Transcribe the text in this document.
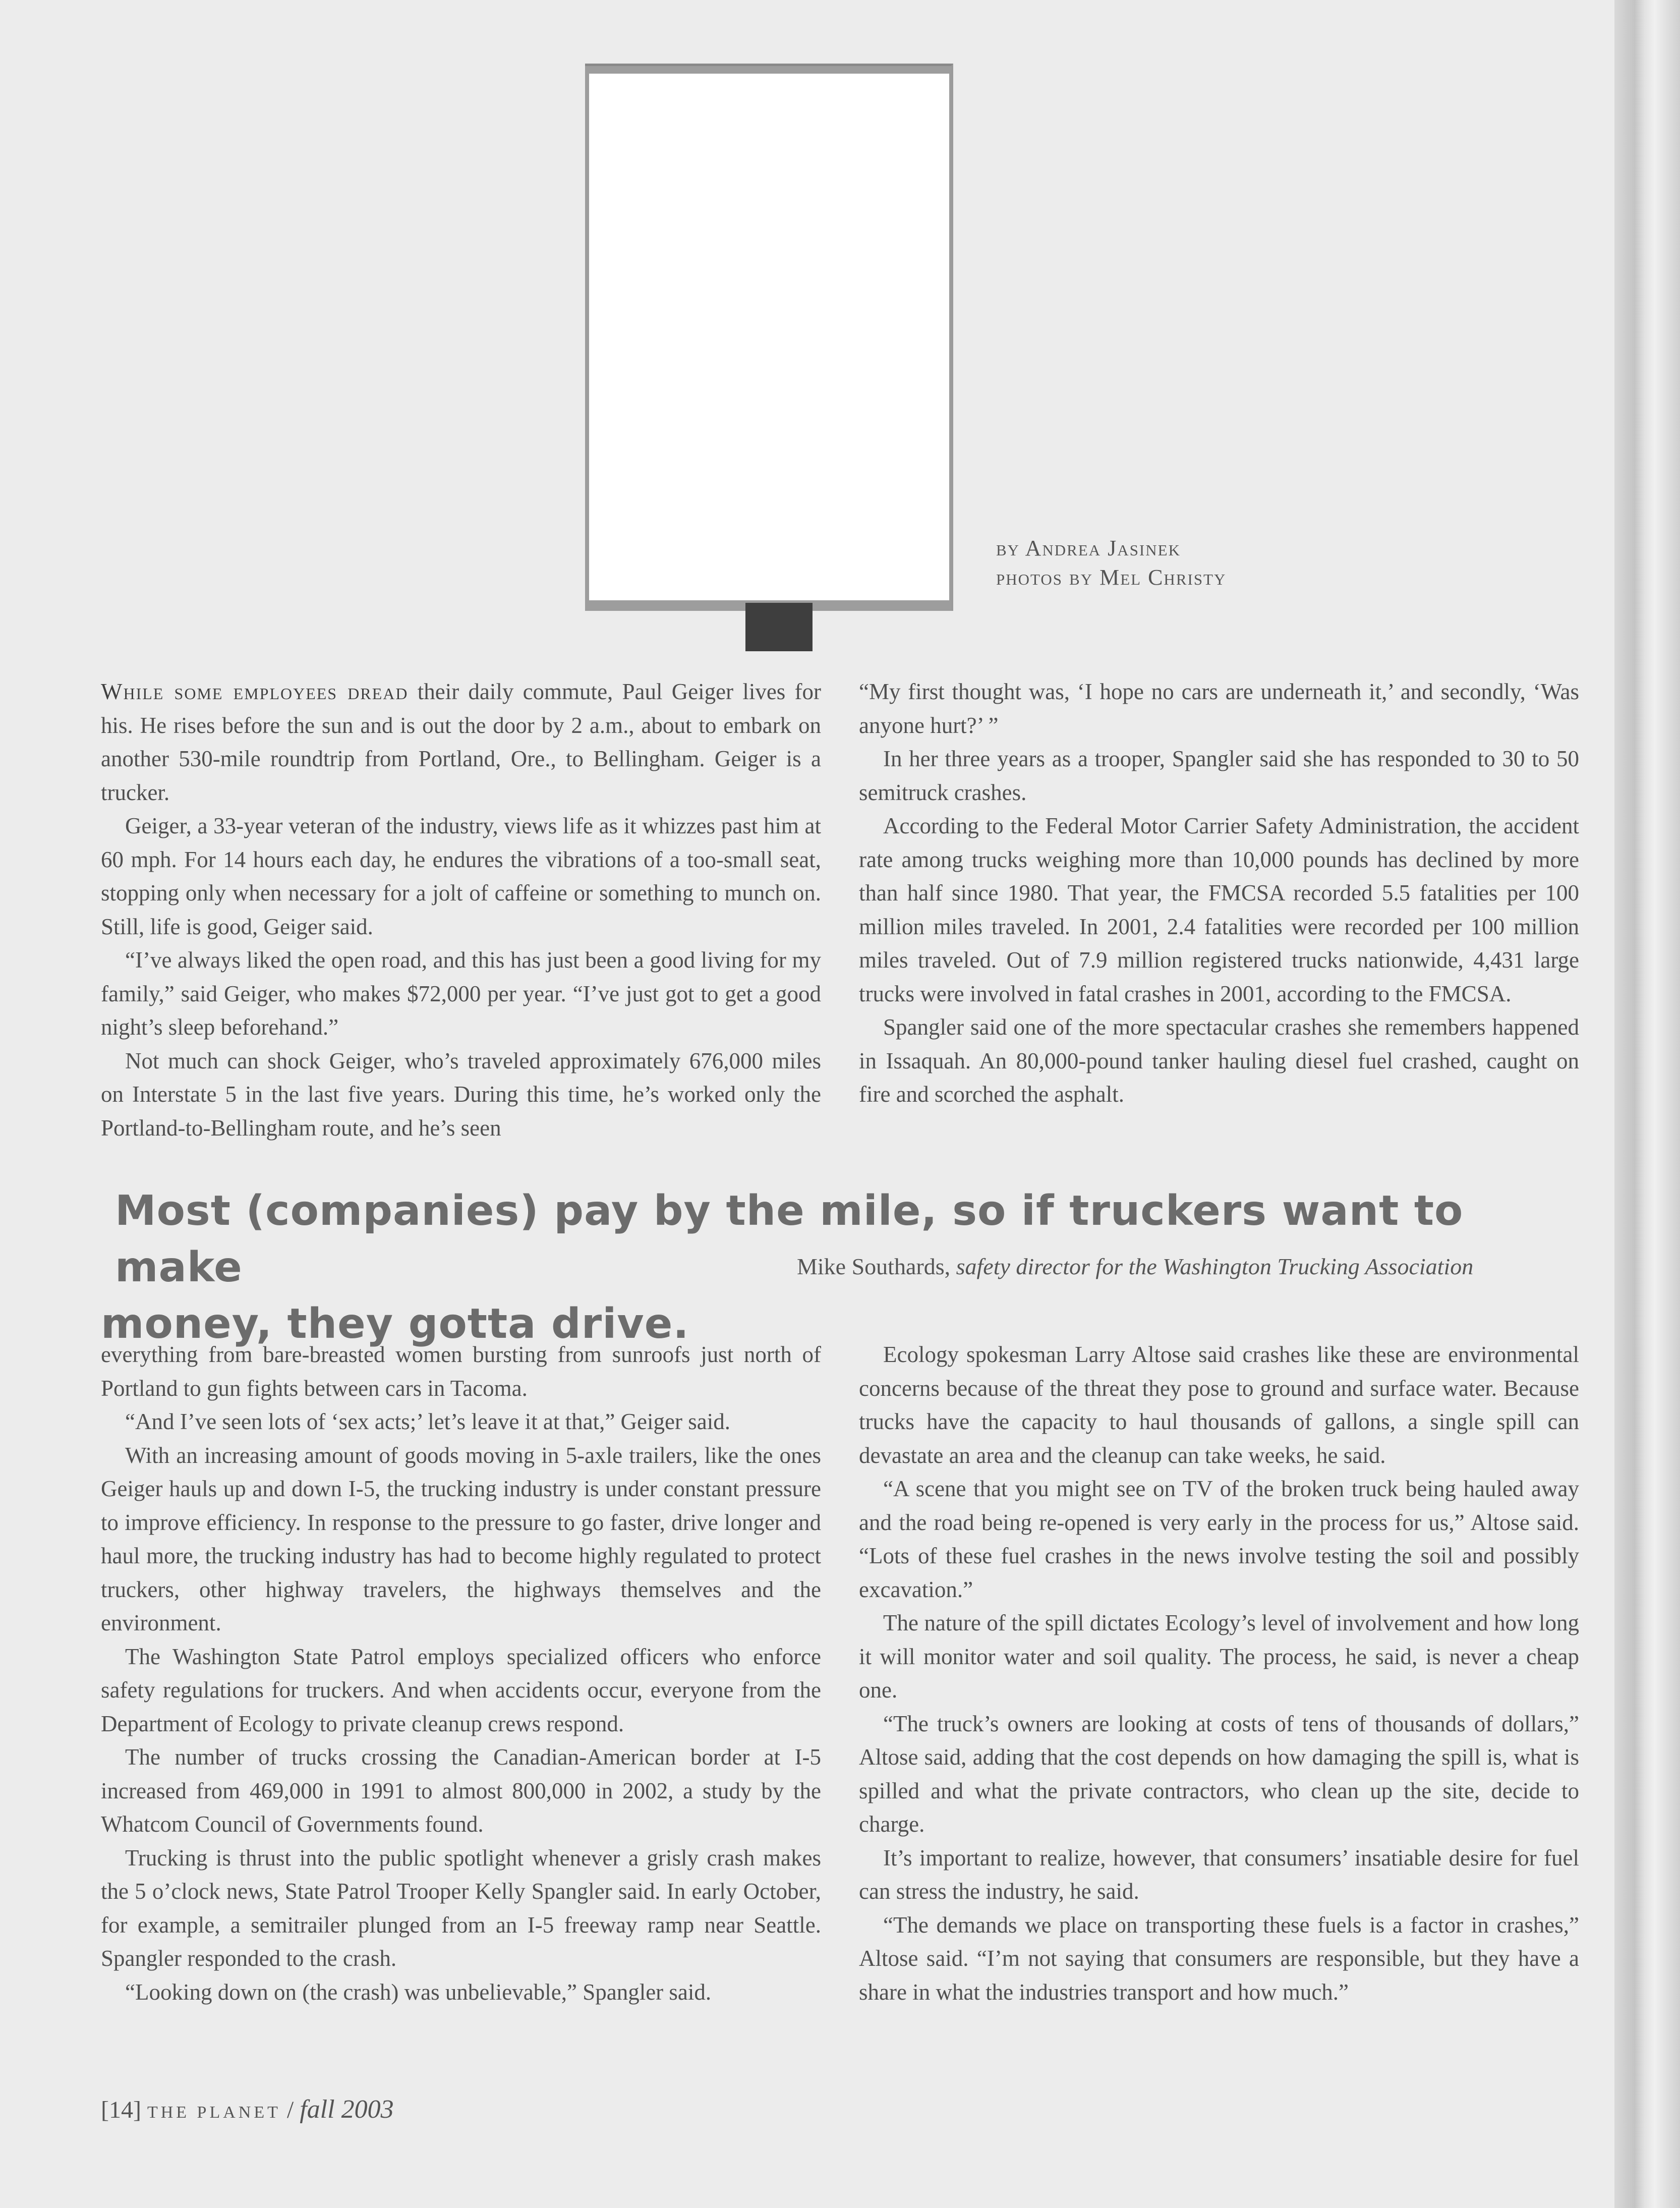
by Andrea Jasinek
photos by Mel Christy

While some employees dread their daily commute, Paul Geiger lives for his. He rises before the sun and is out the door by 2 a.m., about to embark on another 530-mile roundtrip from Portland, Ore., to Bellingham. Geiger is a trucker.

Geiger, a 33-year veteran of the industry, views life as it whizzes past him at 60 mph. For 14 hours each day, he endures the vibrations of a too-small seat, stopping only when necessary for a jolt of caffeine or something to munch on. Still, life is good, Geiger said.

“I’ve always liked the open road, and this has just been a good living for my family,” said Geiger, who makes $72,000 per year. “I’ve just got to get a good night’s sleep beforehand.”

Not much can shock Geiger, who’s traveled approximately 676,000 miles on Interstate 5 in the last five years. During this time, he’s worked only the Portland-to-Bellingham route, and he’s seen

“My first thought was, ‘I hope no cars are underneath it,’ and secondly, ‘Was anyone hurt?’ ”

In her three years as a trooper, Spangler said she has responded to 30 to 50 semitruck crashes.

According to the Federal Motor Carrier Safety Administration, the accident rate among trucks weighing more than 10,000 pounds has declined by more than half since 1980. That year, the FMCSA recorded 5.5 fatalities per 100 million miles traveled. In 2001, 2.4 fatalities were recorded per 100 million miles traveled. Out of 7.9 million registered trucks nationwide, 4,431 large trucks were involved in fatal crashes in 2001, according to the FMCSA.

Spangler said one of the more spectacular crashes she remembers happened in Issaquah. An 80,000-pound tanker hauling diesel fuel crashed, caught on fire and scorched the asphalt.

Most (companies) pay by the mile, so if truckers want to make
money, they gotta drive.
Mike Southards, safety director for the Washington Trucking Association

everything from bare-breasted women bursting from sunroofs just north of Portland to gun fights between cars in Tacoma.

“And I’ve seen lots of ‘sex acts;’ let’s leave it at that,” Geiger said.

With an increasing amount of goods moving in 5-axle trailers, like the ones Geiger hauls up and down I-5, the trucking industry is under constant pressure to improve efficiency. In response to the pressure to go faster, drive longer and haul more, the trucking industry has had to become highly regulated to protect truckers, other highway travelers, the highways themselves and the environment.

The Washington State Patrol employs specialized officers who enforce safety regulations for truckers. And when accidents occur, everyone from the Department of Ecology to private cleanup crews respond.

The number of trucks crossing the Canadian-American border at I-5 increased from 469,000 in 1991 to almost 800,000 in 2002, a study by the Whatcom Council of Governments found.

Trucking is thrust into the public spotlight whenever a grisly crash makes the 5 o’clock news, State Patrol Trooper Kelly Spangler said. In early October, for example, a semitrailer plunged from an I-5 freeway ramp near Seattle. Spangler responded to the crash.

“Looking down on (the crash) was unbelievable,” Spangler said.

Ecology spokesman Larry Altose said crashes like these are environmental concerns because of the threat they pose to ground and surface water. Because trucks have the capacity to haul thousands of gallons, a single spill can devastate an area and the cleanup can take weeks, he said.

“A scene that you might see on TV of the broken truck being hauled away and the road being re-opened is very early in the process for us,” Altose said. “Lots of these fuel crashes in the news involve testing the soil and possibly excavation.”

The nature of the spill dictates Ecology’s level of involvement and how long it will monitor water and soil quality. The process, he said, is never a cheap one.

“The truck’s owners are looking at costs of tens of thousands of dollars,” Altose said, adding that the cost depends on how damaging the spill is, what is spilled and what the private contractors, who clean up the site, decide to charge.

It’s important to realize, however, that consumers’ insatiable desire for fuel can stress the industry, he said.

“The demands we place on transporting these fuels is a factor in crashes,” Altose said. “I’m not saying that consumers are responsible, but they have a share in what the industries transport and how much.”

[14] THE PLANET / fall 2003
